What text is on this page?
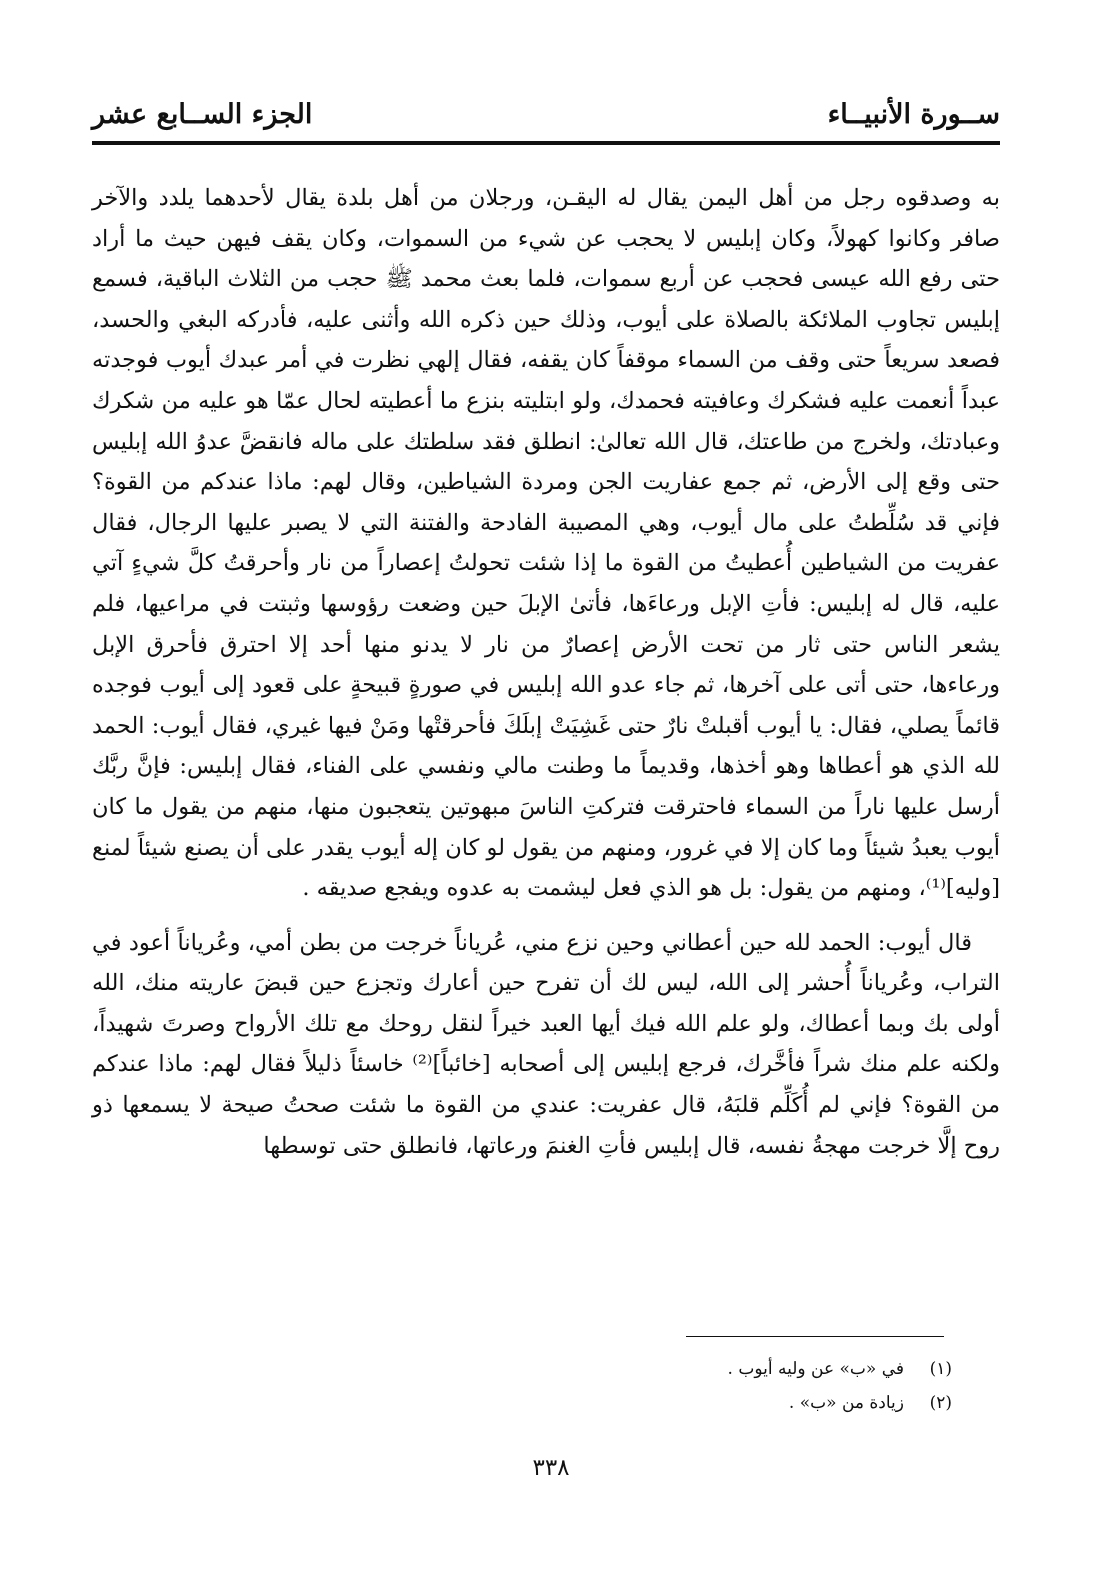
ســورة الأنبيــاء
الجزء الســابع عشر

به وصدقوه رجل من أهل اليمن يقال له اليقـن، ورجلان من أهل بلدة يقال لأحدهما يلدد والآخر صافر وكانوا كهولاً، وكان إبليس لا يحجب عن شيء من السموات، وكان يقف فيهن حيث ما أراد حتى رفع الله عيسى فحجب عن أربع سموات، فلما بعث محمد ﷺ حجب من الثلاث الباقية، فسمع إبليس تجاوب الملائكة بالصلاة على أيوب، وذلك حين ذكره الله وأثنى عليه، فأدركه البغي والحسد، فصعد سريعاً حتى وقف من السماء موقفاً كان يقفه، فقال إلهي نظرت في أمر عبدك أيوب فوجدته عبداً أنعمت عليه فشكرك وعافيته فحمدك، ولو ابتليته بنزع ما أعطيته لحال عمّا هو عليه من شكرك وعبادتك، ولخرج من طاعتك، قال الله تعالىٰ: انطلق فقد سلطتك على ماله فانقضَّ عدوُ الله إبليس حتى وقع إلى الأرض، ثم جمع عفاريت الجن ومردة الشياطين، وقال لهم: ماذا عندكم من القوة؟ فإني قد سُلِّطتُ على مال أيوب، وهي المصيبة الفادحة والفتنة التي لا يصبر عليها الرجال، فقال عفريت من الشياطين أُعطيتُ من القوة ما إذا شئت تحولتُ إعصاراً من نار وأحرقتُ كلَّ شيءٍ آتي عليه، قال له إبليس: فأتِ الإبل ورعاءَها، فأتىٰ الإبلَ حين وضعت رؤوسها وثبتت في مراعيها، فلم يشعر الناس حتى ثار من تحت الأرض إعصارٌ من نار لا يدنو منها أحد إلا احترق فأحرق الإبل ورعاءها، حتى أتى على آخرها، ثم جاء عدو الله إبليس في صورةٍ قبيحةٍ على قعود إلى أيوب فوجده قائماً يصلي، فقال: يا أيوب أقبلتْ نارٌ حتى غَشِيَتْ إبلَكَ فأحرقتْها ومَنْ فيها غيري، فقال أيوب: الحمد لله الذي هو أعطاها وهو أخذها، وقديماً ما وطنت مالي ونفسي على الفناء، فقال إبليس: فإنَّ ربَّك أرسل عليها ناراً من السماء فاحترقت فتركتِ الناسَ مبهوتين يتعجبون منها، منهم من يقول ما كان أيوب يعبدُ شيئاً وما كان إلا في غرور، ومنهم من يقول لو كان إله أيوب يقدر على أن يصنع شيئاً لمنع [وليه]⁽¹⁾، ومنهم من يقول: بل هو الذي فعل ليشمت به عدوه ويفجع صديقه .

قال أيوب: الحمد لله حين أعطاني وحين نزع مني، عُرياناً خرجت من بطن أمي، وعُرياناً أعود في التراب، وعُرياناً أُحشر إلى الله، ليس لك أن تفرح حين أعارك وتجزع حين قبضَ عاريته منك، الله أولى بك وبما أعطاك، ولو علم الله فيك أيها العبد خيراً لنقل روحك مع تلك الأرواح وصرتَ شهيداً، ولكنه علم منك شراً فأخَّرك، فرجع إبليس إلى أصحابه [خائباً]⁽²⁾ خاسئاً ذليلاً فقال لهم: ماذا عندكم من القوة؟ فإني لم أُكَلِّم قلبَهُ، قال عفريت: عندي من القوة ما شئت صحتُ صيحة لا يسمعها ذو روح إلَّا خرجت مهجةُ نفسه، قال إبليس فأتِ الغنمَ ورعاتها، فانطلق حتى توسطها

(١)
في «ب» عن وليه أيوب .
(٢)
زيادة من «ب» .
٣٣٨
